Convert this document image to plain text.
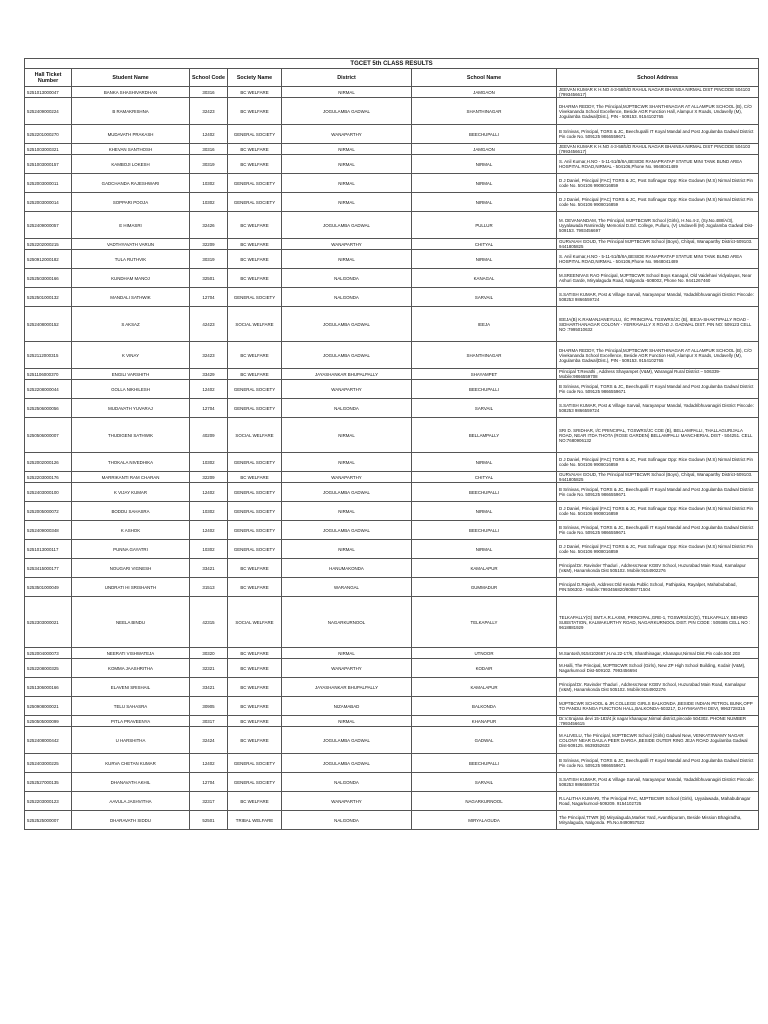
TGCET 5th CLASS RESULTS						
Hall Ticket Number	Student Name	School Code	Society Name	District	School Name	School Address
5251013000047	BANKA SHASHIVARDHAN	30316	BC WELFARE	NIRMAL	JAMGAON	JEEVAN KUMAR K H.NO 4-3-58/5/D RAHUL NAGAR BHAINSA NIRMAL DIST PINCODE 504103 (7993456617)
5252409000224	B RAMAKRISHNA	32423	BC WELFARE	JOGULAMBA GADWAL	SHANTHINAGAR	DHARMA REDDY, The Principal,MJPTBCWR SHANTHINAGAR AT ALLAMPUR SCHOOL (B), C/O Vivekananda School Excellence, Beside AGR Function Hall, Alampur X Roads, Undavelly (M), Jogulamba Gadwal(Dist.), PIN - 509153. 9154102765
5252201000270	MUDAVATH PRAKASH	12402	GENERAL SOCIETY	WANAPARTHY	BEECHUPALLI	B Srinivas, Principal, TGRS & JC, Beechupalli IT Koyal Mandal and Post Jogulamba Gadwal District Pin code No. 509125 9866559671
5251003000321	KHEVAN SANTHOSH	30316	BC WELFARE	NIRMAL	JAMGAON	JEEVAN KUMAR K H.NO 4-3-58/5/D RAHUL NAGAR BHAINSA NIRMAL DIST PINCODE 504103 (7993456617)
5251003000157	KAMBOJI LOKESH	30319	BC WELFARE	NIRMAL	NIRMAL	S. Anil Kumar,H.NO - 5-11-51/B/8A,BESIDE RANAPRATAP STATUE MINI TANK BUND AREA HOSPITAL ROAD,NIRMAL - 504106,Phone No. 9948041489
5252003000011	GADCHANDA RAJESHWARI	10302	GENERAL SOCIETY	NIRMAL	NIRMAL	D J Daniel, Principal (FAC) TGRS & JC, Post Sofinagar Opp: Rice Godown (M.S) Nirmal District Pin code No. 504106 9908016859
5252003000014	SOPPARI POOJA	10302	GENERAL SOCIETY	NIRMAL	NIRMAL	D J Daniel, Principal (FAC) TGRS & JC, Post Sofinagar Opp: Rice Godown (M.S) Nirmal District Pin code No. 504106 9908016859
5252409000057	E HIMASRI	32426	BC WELFARE	JOGULAMBA GADWAL	PULLUR	M. DEVANANDAM, The Principal, MJPTBCWR School (Girls), H.No.4-2, (Sy.No.488/A/3), Uyyalawada Ramireddy Memorial D.Ed. College, Pulluru, (V) Undavelli (M) Jogulamba Gadwal Dist-509153. 7993456697
5252202000215	VADTHYAVATH VARUN	32209	BC WELFARE	WANAPARTHY	CHITYAL	GURVAIAH GOUD, The Principal MJPTBCWR School (Boys), Chityal, Wanaparthy District-509103. 9441805825
5250912000182	TULA RUTHVIK	30319	BC WELFARE	NIRMAL	NIRMAL	S. Anil Kumar,H.NO - 5-11-51/B/8A,BESIDE RANAPRATAP STATUE MINI TANK BUND AREA HOSPITAL ROAD,NIRMAL - 504106,Phone No. 9948041489
5252503000166	KUNDHAM MANOJ	32501	BC WELFARE	NALGONDA	KANAGAL	M.SREENIVAS RAO Principal, MJPTBCWR School Boys Kanagal, Old Vaidehavi Vidyalayas, Near Ashuri Garde, Miryalaguda Road, Nalgonda -508002, Phone No. 9441267460
5252501000132	MANDALI SATHWIK	12704	GENERAL SOCIETY	NALGONDA	SARVAIL	S.SATISH KUMAR, Post & Village Sarvail, Narayanpur Mandal, Yadadribhuvanagiri District Pincode: 508253 9866559724
5252408000152	S AKSAZ	42423	SOCIAL WELFARE	JOGULAMBA GADWAL	IEEJA	IEEJA(B) K.RAMANJANEYULU, I/C PRINCIPAL TGSWRS/JC (B), IEEJA-SHAKTIPALLY ROAD - SIDHARTHANAGAR COLONY - YERRAVALLY X ROAD J. GADWAL DIST. PIN NO: 509123 CELL NO :7995010632
5252112000315	K VINAY	32423	BC WELFARE	JOGULAMBA GADWAL	SHANTHINAGAR	DHARMA REDDY, The Principal,MJPTBCWR SHANTHINAGAR AT ALLAMPUR SCHOOL (B), C/O Vivekananda School Excellence, Beside AGR Function Hall, Alampur X Roads, Undavelly (M), Jogulamba Gadwal(Dist.), PIN - 509153. 9154102765
5251106000370	ENGILI VARSHITH	33429	BC WELFARE	JAYASHANKAR BHUPALPALLY	SHAYAMPET	Principal T.Revathi , Address Shayampet (V&M), Warangal Rural District – 506339- Mobile:9866559708
5252208000044	GOLLA NIKHILESH	12402	GENERAL SOCIETY	WANAPARTHY	BEECHUPALLI	B Srinivas, Principal, TGRS & JC, Beechupalli IT Koyal Mandal and Post Jogulamba Gadwal District Pin code No. 509125 9866559671
5252506000056	MUDAVATH YUVARAJ	12704	GENERAL SOCIETY	NALGONDA	SARVAIL	S.SATISH KUMAR, Post & Village Sarvail, Narayanpur Mandal, Yadadribhuvanagiri District Pincode: 508253 9866559724
5250506000007	THUDIGENI SATHWIK	40209	SOCIAL WELFARE	NIRMAL	BELLAMPALLY	SRI D. SRIDHAR, I/C PRINCIPAL, TGSWRS/JC COE (B), BELLAMPALLI, THALLAGURIJALA ROAD, NEAR ITDA THOTA (ROSE GARDEN) BELLAMPALLI MANCHERIAL DIST - 504251. CELL NO:7680906132
5252002000126	THOKALA NIVEDHIKA	10302	GENERAL SOCIETY	NIRMAL	NIRMAL	D J Daniel, Principal (FAC) TGRS & JC, Post Sofinagar Opp: Rice Godown (M.S) Nirmal District Pin code No. 504106 9908016859
5252203000176	MARRIKANTI RAM CHARAN	32209	BC WELFARE	WANAPARTHY	CHITYAL	GURVAIAH GOUD, The Principal MJPTBCWR School (Boys), Chityal, Wanaparthy District-509103. 9441805825
5252403000100	K VIJAY KUMAR	12402	GENERAL SOCIETY	JOGULAMBA GADWAL	BEECHUPALLI	B Srinivas, Principal, TGRS & JC, Beechupalli IT Koyal Mandal and Post Jogulamba Gadwal District Pin code No. 509125 9866559671
5252005000072	BODDU SAHASRA	10302	GENERAL SOCIETY	NIRMAL	NIRMAL	D J Daniel, Principal (FAC) TGRS & JC, Post Sofinagar Opp: Rice Godown (M.S) Nirmal District Pin code No. 504106 9908016859
5252409000348	K ASHOK	12402	GENERAL SOCIETY	JOGULAMBA GADWAL	BEECHUPALLI	B Srinivas, Principal, TGRS & JC, Beechupalli IT Koyal Mandal and Post Jogulamba Gadwal District Pin code No. 509125 9866559671
5251013000117	PUNNA GAYATRI	10302	GENERAL SOCIETY	NIRMAL	NIRMAL	D J Daniel, Principal (FAC) TGRS & JC, Post Sofinagar Opp: Rice Godown (M.S) Nirmal District Pin code No. 504106 9908016859
5253415000177	NOUGARI VIGNESH	33421	BC WELFARE	HANUMAKONDA	KAMALAPUR	Principal:Dr. Ravinder Thaduri , Address:Near KGBV School, Huzurabad Main Road, Kamalapur (V&M), Hanamkonda Dist 505102. Mobile:9154902276
5253501000049	UNDRATI HI SRISHANTH	31513	BC WELFARE	WARANGAL	GUMMADUR	Principal D.Rajesh, Address:Old Kerala Public School, Pathipaka, Rayalpet, Mahabubabad, PIN:506302.- Mobile:7993456820/8008771504
5252303000021	NEELA BINDU	42315	SOCIAL WELFARE	NAGARKURNOOL	TELKAPALLY	TELKAPALLY(G) SMT.A.R.LAXMI, PRINCIPAL,GRE-1, TGSWRS/JC(G), TELKAPALLY, BEHIND SUBSTATION, KALWAKURTHY ROAD, NAGARKURNOOL DIST. PIN CODE : 509385 CELL NO : 9618881929
5252004000073	NEERATI VISHWATEJA	30320	BC WELFARE	NIRMAL	UTNOOR	M.Santosh,9154102667,H.no.22-17/6, Shanthinagar, Khanapur,Nirmal Dist.Pin code.504 203
5252208000325	KOMMA JAASHRITHA	32321	BC WELFARE	WANAPARTHY	KODAIR	M.Halli, The Principal, MJPTBCWR School (Girls), New ZP High School Building, Kodair (V&M), Nagarkurnool Dist-509102. 7993456694
5251306000166	ELAVENI SRISHAIL	33421	BC WELFARE	JAYASHANKAR BHUPALPALLY	KAMALAPUR	Principal:Dr. Ravinder Thaduri , Address:Near KGBV School, Huzurabad Main Road, Kamalapur (V&M), Hanamkonda Dist 505102. Mobile:9154902276
5250908000021	TELU SAHASRA	30905	BC WELFARE	NIZAMABAD	BALKONDA	MJPTBCWR SCHOOL & JR.COLLEGE GIRLS BALKONDA ,BESIDE INDIAN PETROL BUNK,OPP TO PANDU RANGA FUNCTION HALL,BALKONDA-503217, D.HYMAVATHI DEVI, 9963728315
5250505000099	PITLA PRAVEENYA	30317	BC WELFARE	NIRMAL	KHANAPUR	Dr.V.Srujana devi 15-183/4 jk nagar khanapur,Nirmal district,pincode 504302. PHONE NUMBER :7993456615
5252408000442	U HARSHITHA	32424	BC WELFARE	JOGULAMBA GADWAL	GADWAL	M ALIVELU, The Principal, MJPTBCWR School (Girls) Gadwal New, VENKATSWAMY NAGAR COLONY NEAR DAULA PEER DARGA ,BESIDE OUTER RING JEJA ROAD Jogulamba Gadwal Dist-509125. 8639352633
5252403000225	KURVA CHETAN KUMAR	12402	GENERAL SOCIETY	JOGULAMBA GADWAL	BEECHUPALLI	B Srinivas, Principal, TGRS & JC, Beechupalli IT Koyal Mandal and Post Jogulamba Gadwal District Pin code No. 509125 9866559671
5252527000135	DHANAVATH AKHIL	12704	GENERAL SOCIETY	NALGONDA	SARVAIL	S.SATISH KUMAR, Post & Village Sarvail, Narayanpur Mandal, Yadadribhuvanagiri District Pincode: 508253 9866559724
5252203000123	AAVULA JASHVITHA	32317	BC WELFARE	WANAPARTHY	NAGARKURNOOL	R.LALITHA KUMARI, The Principal FAC, MJPTBCWR School (Girls), Uyyalawada, Mahabubnagar Road, Nagarkurnool-509209. 9154102725
5252525000007	DHARAVATH SIDDU	52501	TRIBAL WELFARE	NALGONDA	MIRYALAGUDA	The Principal,TTWR (B) Miryalaguda,Market Yard, Avanthipuram, Beside Mission Bhagiradha, Miryalaguda, Nalgonda. Ph.No.9490957522
